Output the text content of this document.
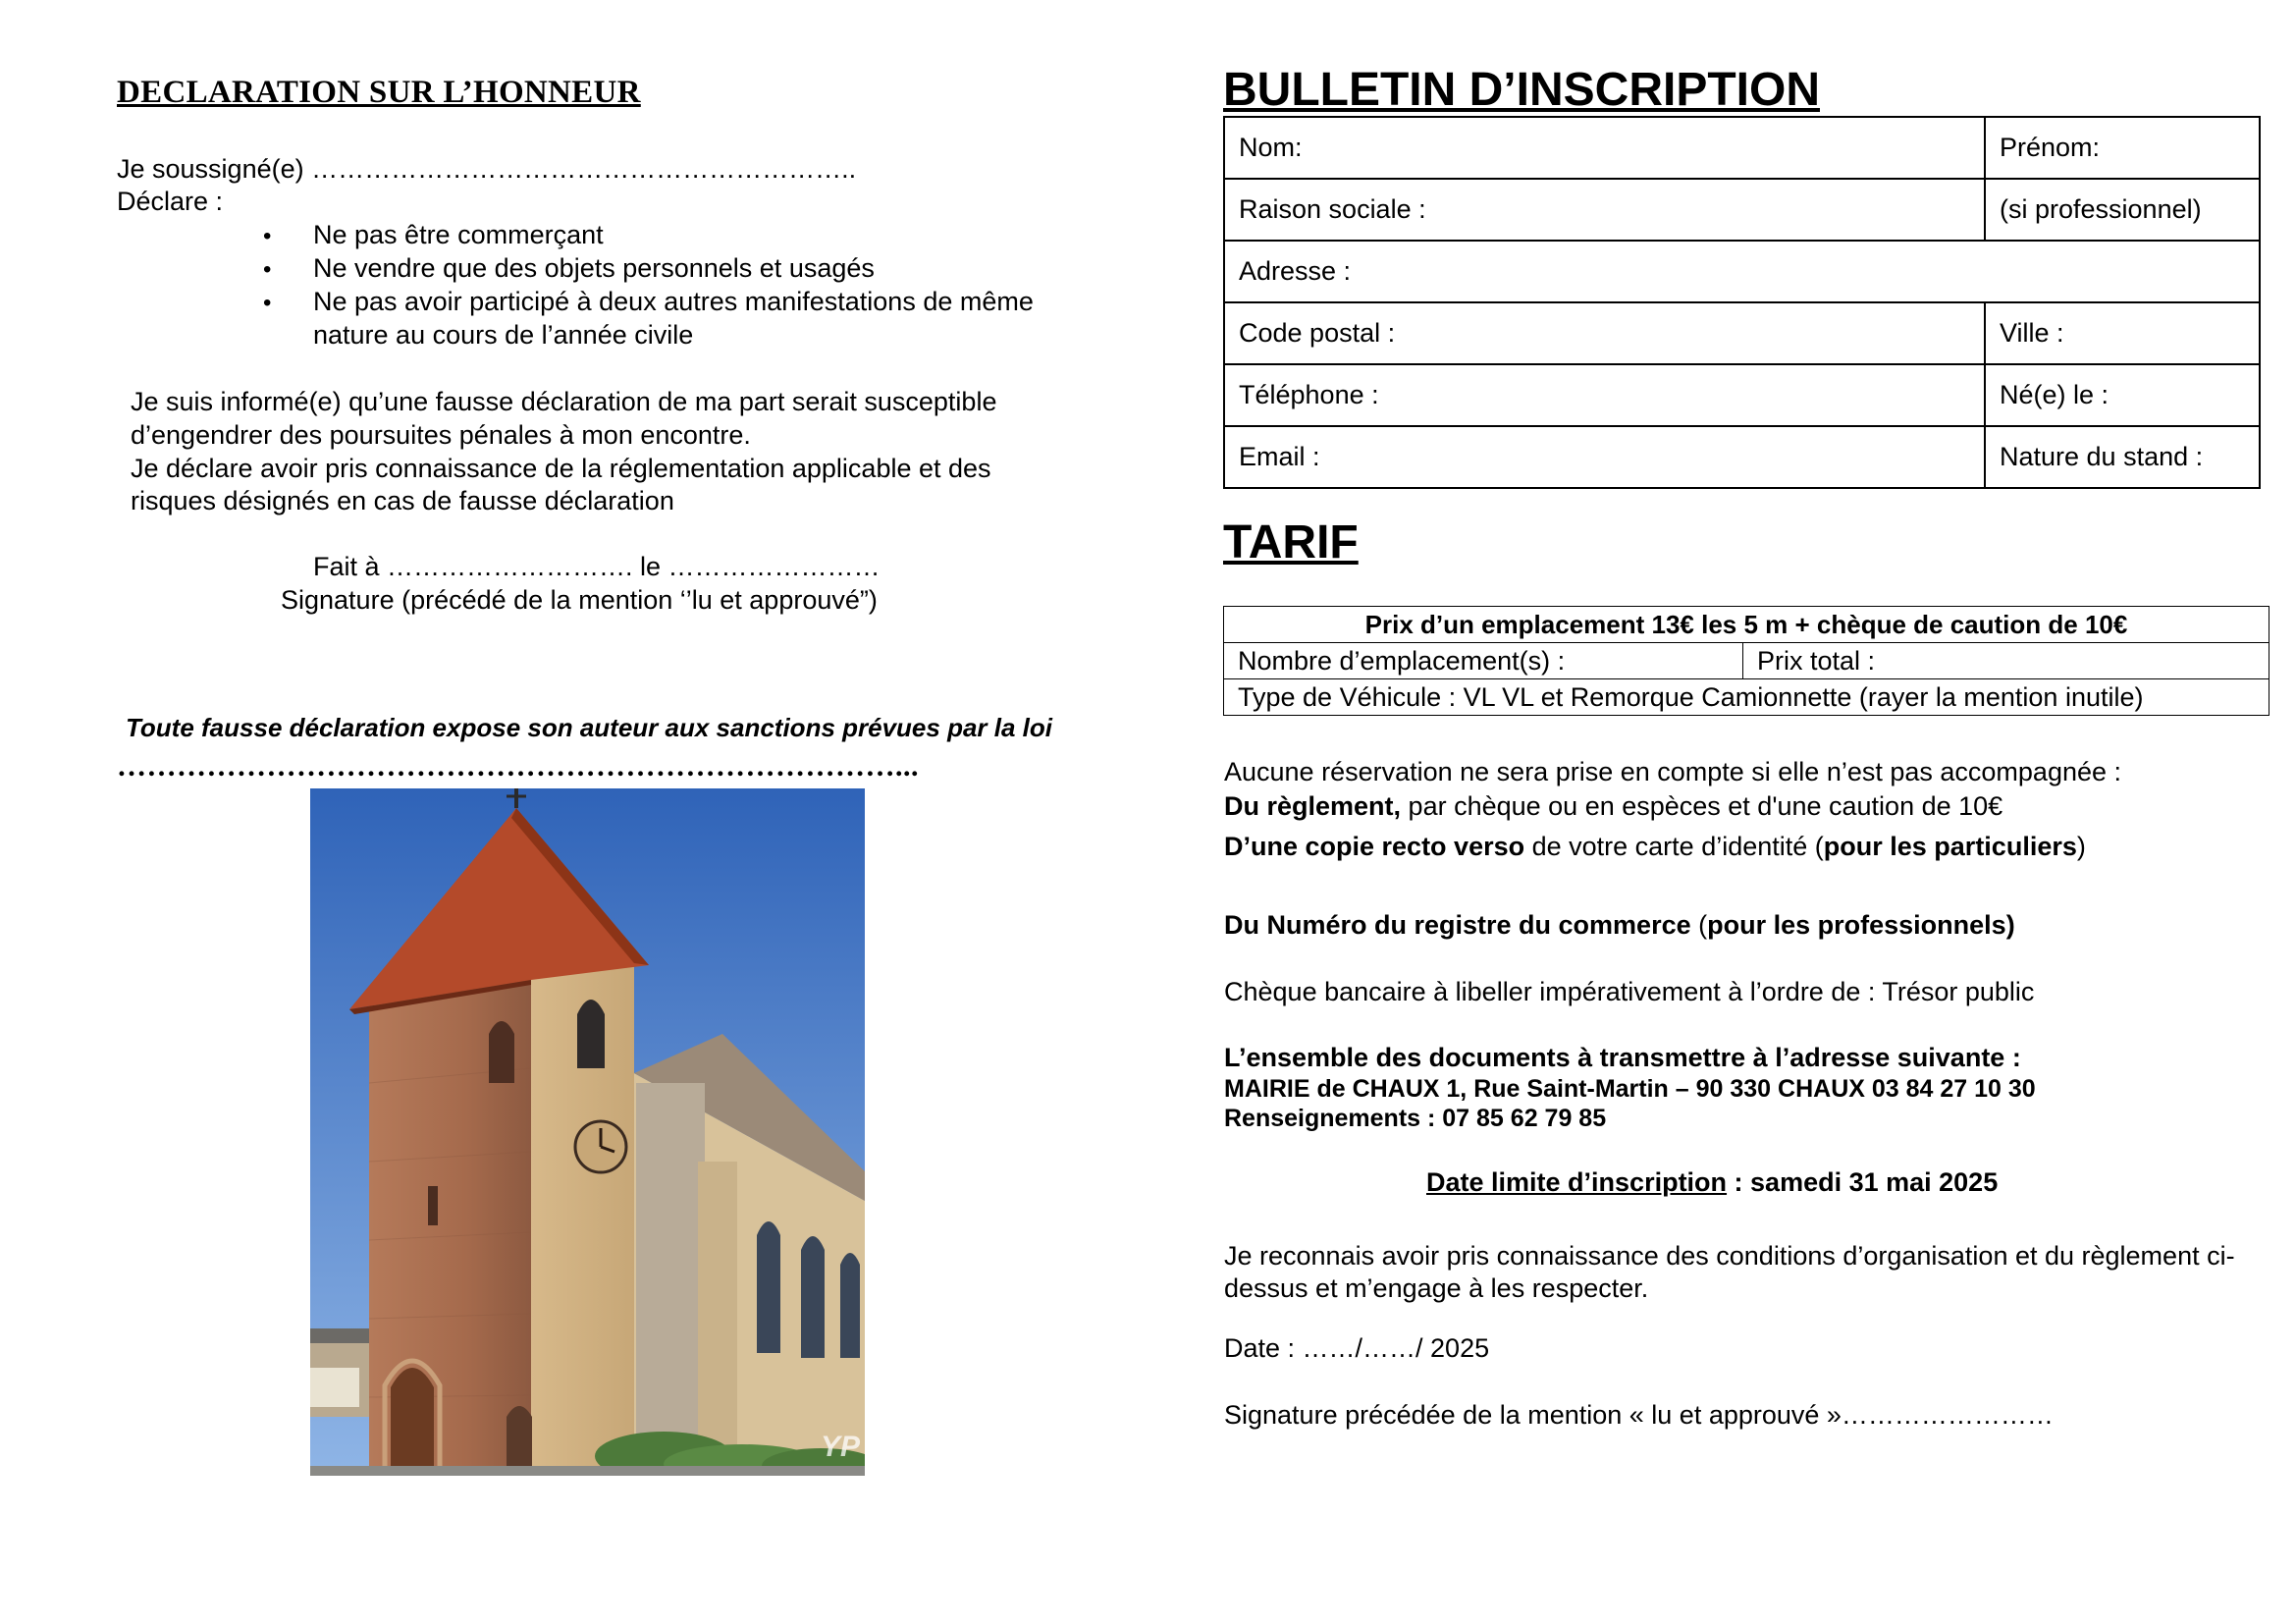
DECLARATION SUR L’HONNEUR
Je soussigné(e) ……………………………………………………..
Déclare :
• Ne pas être commerçant
• Ne vendre que des objets personnels et usagés
• Ne pas avoir participé à deux autres manifestations de même
nature au cours de l’année civile
Je suis informé(e) qu’une fausse déclaration de ma part serait susceptible
d’engendrer des poursuites pénales à mon encontre.
Je déclare avoir pris connaissance de la réglementation applicable et des
risques désignés en cas de fausse déclaration
Fait à ………………………. le ……………………
Signature (précédé de la mention ‘’lu et approuvé”)
Toute fausse déclaration expose son auteur aux sanctions prévues par la loi
……………………………………………………………………...
YP
BULLETIN D’INSCRIPTION
Nom:	Prénom:
Raison sociale :	(si professionnel)
Adresse :	
Code postal :	Ville :
Téléphone :	Né(e) le :
Email :	Nature du stand :
TARIF
Prix d’un emplacement 13€ les 5 m + chèque de caution de 10€
Nombre d’emplacement(s) :	Prix total :
Type de Véhicule : VL VL et Remorque Camionnette (rayer la mention inutile)
Aucune réservation ne sera prise en compte si elle n’est pas accompagnée :
Du règlement, par chèque ou en espèces et d'une caution de 10€
D’une copie recto verso de votre carte d’identité (pour les particuliers)
Du Numéro du registre du commerce (pour les professionnels)
Chèque bancaire à libeller impérativement à l’ordre de : Trésor public
L’ensemble des documents à transmettre à l’adresse suivante :
MAIRIE de CHAUX 1, Rue Saint-Martin – 90 330 CHAUX 03 84 27 10 30
Renseignements : 07 85 62 79 85
Date limite d’inscription : samedi 31 mai 2025
Je reconnais avoir pris connaissance des conditions d’organisation et du règlement ci-
dessus et m’engage à les respecter.
Date : ……/……/ 2025
Signature précédée de la mention « lu et approuvé »……………………
